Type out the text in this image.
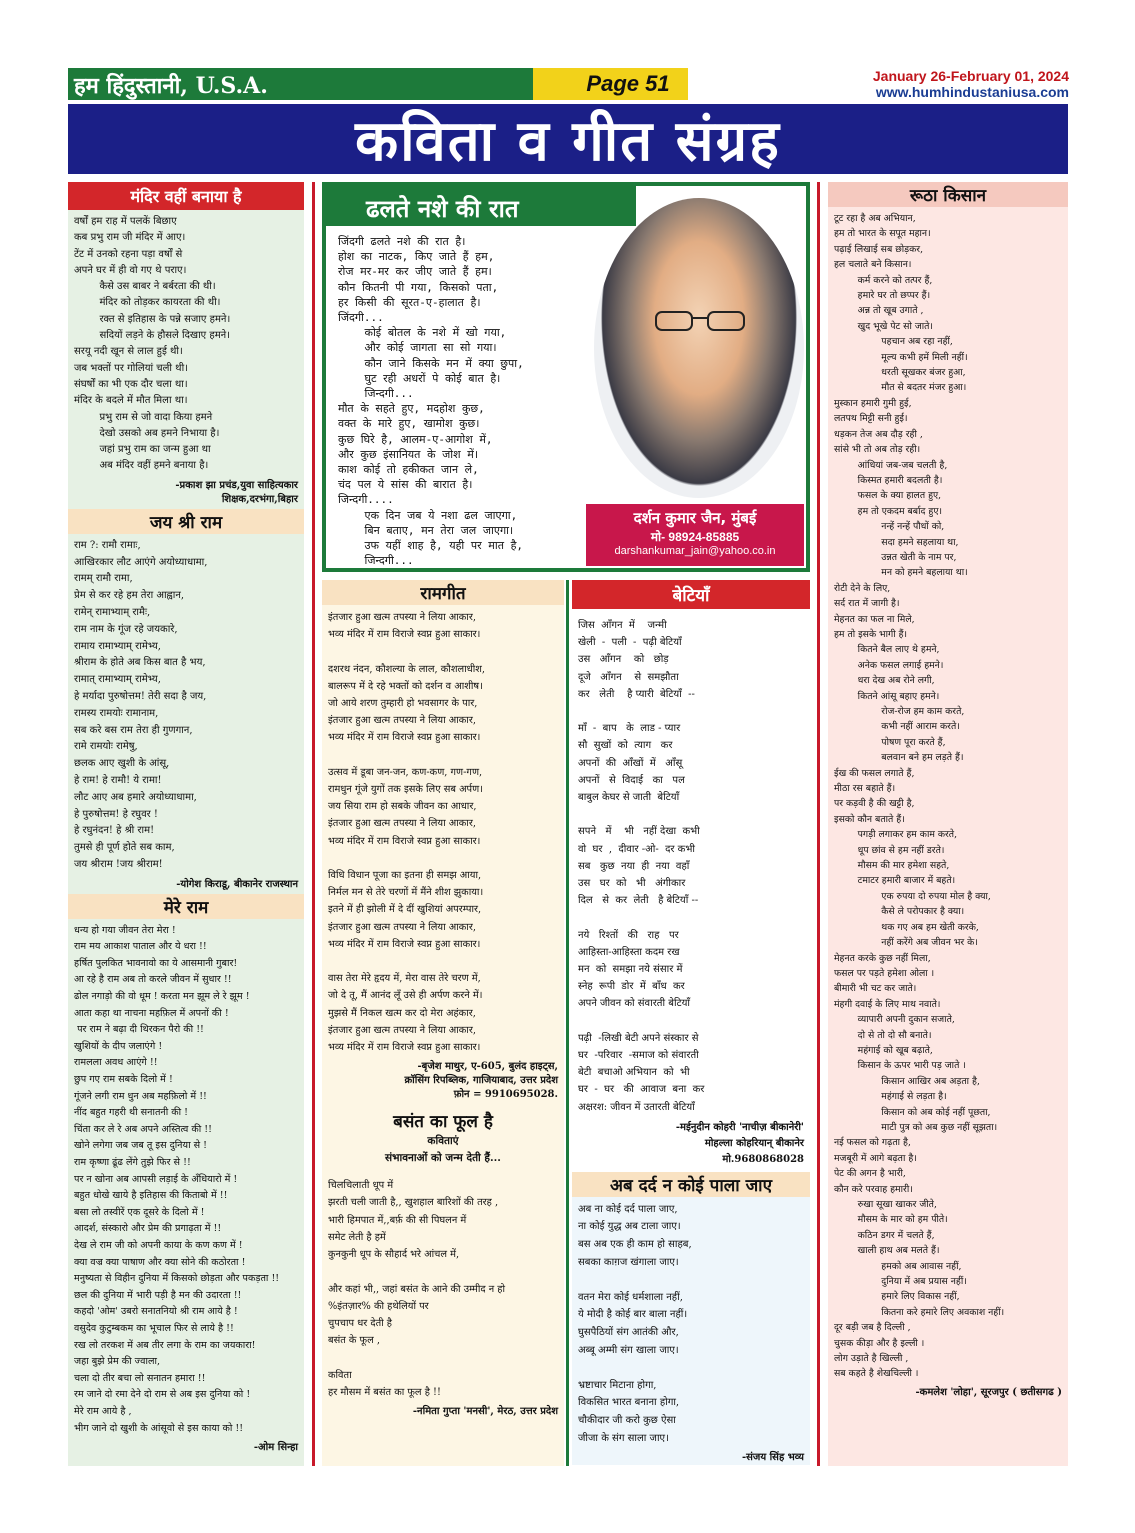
हम हिंदुस्तानी, U.S.A.	Page 51	January 26-February 01, 2024
www.humhindustaniusa.com
कविता व गीत संग्रह
मंदिर वहीं बनाया है
वर्षों हम राह में पलकें बिछाए
कब प्रभु राम जी मंदिर में आए।
टेंट में उनको रहना पड़ा वर्षों से
अपने घर में ही वो गए थे पराए।
कैसे उस बाबर ने बर्बरता की थी।
मंदिर को तोड़कर कायरता की थी।
रक्त से इतिहास के पन्ने सजाए हमने।
सदियों लड़ने के हौसले दिखाए हमने।
सरयू नदी खून से लाल हुई थी।
जब भक्तों पर गोलियां चली थी।
संघर्षों का भी एक दौर चला था।
मंदिर के बदले में मौत मिला था।
प्रभु राम से जो वादा किया हमने
देखो उसको अब हमने निभाया है।
जहां प्रभु राम का जन्म हुआ था
अब मंदिर वहीं हमने बनाया है।
-प्रकाश झा प्रचंड,युवा साहित्यकार
शिक्षक,दरभंगा,बिहार
जय श्री राम
राम ?: रामौ रामाः,
आखिरकार लौट आएंगे अयोध्याधामा,
रामम् रामौ रामा,
प्रेम से कर रहे हम तेरा आह्वान,
रामेन् रामाभ्याम् रामैः,
राम नाम के गूंज रहे जयकारे,
रामाय रामाभ्याम् रामेभ्य,
श्रीराम के होते अब किस बात है भय,
रामात् रामाभ्याम् रामेभ्य,
हे मर्यादा पुरुषोत्तम! तेरी सदा है जय,
रामस्य रामयोः रामानाम,
सब करे बस राम तेरा ही गुणगान,
रामे रामयोः रामेषु,
छलक आए खुशी के आंसू,
हे राम! हे रामौ! ये रामा!
लौट आए अब हमारे अयोध्याधामा,
हे पुरुषोत्तम! हे रघुवर !
हे रघुनंदन! हे श्री राम!
तुमसे ही पूर्ण होते सब काम,
जय श्रीराम !जय श्रीराम!
-योगेश किराडू, बीकानेर राजस्थान
मेरे राम
धन्य हो गया जीवन तेरा मेरा !
राम मय आकाश पाताल और ये धरा !!
हर्षित पुलकित भावनावो का ये आसमानी गुबार!
आ रहे है राम अब तो करले जीवन में सुधार !!
ढोल नगाड़ो की वो धूम ! करता मन झूम ले रे झूम !
आता कहा था नाचना महफ़िल में अपनों की !
पर राम ने बढ़ा दी थिरकन पैरो की !!
खुशियों के दीप जलाएंगे !
रामलला अवध आएंगे !!
छुप गए राम सबके दिलो में !
गूंजने लगी राम धुन अब महफ़िलो में !!
नींद बहुत गहरी थी सनातनी की !
चिंता कर ले रे अब अपने अस्तित्व की !!
खोने लगेगा जब जब तू इस दुनिया से !
राम कृष्णा ढूंढ लेंगे तुझे फिर से !!
पर न खोना अब आपसी लड़ाई के अँधियारो में !
बहुत धोखे खाये है इतिहास की किताबो में !!
बसा लो तस्वीरें एक दूसरे के दिलो में !
आदर्श, संस्कारो और प्रेम की प्रगाढ़ता में !!
देख ले राम जी को अपनी काया के कण कण में !
क्या वज्र क्या पाषाण और क्या सोने की कठोरता !
मनुष्यता से विहीन दुनिया में किसको छोड़ता और पकड़ता !!
छल की दुनिया में भारी पड़ी है मन की उदारता !!
कहदो 'ओम' उबरो सनातनियो श्री राम आये है !
वसुदेव कुटुम्बकम का भूचाल फिर से लाये है !!
रख लो तरकश में अब तीर लगा के राम का जयकारा!
जहा बुझे प्रेम की ज्वाला,
चला दो तीर बचा लो सनातन हमारा !!
रम जाने दो रमा देने दो राम से अब इस दुनिया को !
मेरे राम आये है ,
भीग जाने दो खुशी के आंसूवो से इस काया को !!
-ओम सिन्हा
ढलते नशे की रात
जिंदगी ढलते नशे की रात है।
होश का नाटक, किए जाते हैं हम,
रोज मर-मर कर जीए जाते हैं हम।
कौन कितनी पी गया, किसको पता,
हर किसी की सूरत-ए-हालात है।
जिंदगी...
कोई बोतल के नशे में खो गया,
और कोई जागता सा सो गया।
कौन जाने किसके मन में क्या छुपा,
घुट रही अधरों पे कोई बात है।
जिन्दगी...
मौत के सहते हुए, मदहोश कुछ,
वक्त के मारे हुए, खामोश कुछ।
कुछ घिरे है, आलम-ए-आगोश में,
और कुछ इंसानियत के जोश में।
काश कोई तो हकीकत जान ले,
चंद पल ये सांस की बारात है।
जिन्दगी....
एक दिन जब ये नशा ढल जाएगा,
बिन बताए, मन तेरा जल जाएगा।
उफ यहीं शाह है, यही पर मात है,
जिन्दगी...
दर्शन कुमार जैन, मुंबई
मो- 98924-85885
darshankumar_jain@yahoo.co.in
रामगीत
इंतजार हुआ खत्म तपस्या ने लिया आकार,
भव्य मंदिर में राम विराजे स्वप्न हुआ साकार।

दशरथ नंदन, कौशल्या के लाल, कौशलाधीश,
बालरूप में दे रहे भक्तों को दर्शन व आशीष।
जो आये शरण तुम्हारी हो भवसागर के पार,
इंतजार हुआ खत्म तपस्या ने लिया आकार,
भव्य मंदिर में राम विराजे स्वप्न हुआ साकार।

उत्सव में डूबा जन-जन, कण-कण, गण-गण,
रामधुन गूंजे युगों तक इसके लिए सब अर्पण।
जय सिया राम हो सबके जीवन का आधार,
इंतजार हुआ खत्म तपस्या ने लिया आकार,
भव्य मंदिर में राम विराजे स्वप्न हुआ साकार।

विधि विधान पूजा का इतना ही समझ आया,
निर्मल मन से तेरे चरणों में मैंने शीश झुकाया।
इतने में ही झोली में दे दीं खुशियां अपरम्पार,
इंतजार हुआ खत्म तपस्या ने लिया आकार,
भव्य मंदिर में राम विराजे स्वप्न हुआ साकार।

वास तेरा मेरे हृदय में, मेरा वास तेरे चरण में,
जो दे तू, मैं आनंद लूँ उसे ही अर्पण करने में।
मुझसे मैं निकल खत्म कर दो मेरा अहंकार,
इंतजार हुआ खत्म तपस्या ने लिया आकार,
भव्य मंदिर में राम विराजे स्वप्न हुआ साकार।
-बृजेश माथुर, ए-605, बुलंद हाइट्स,
क्रॉसिंग रिपब्लिक, गाजियाबाद, उत्तर प्रदेश
फ़ोन = 9910695028.
बसंत का फूल है
कविताएं
संभावनाओं को जन्म देती हैं...
चिलचिलाती धूप में
झरती चली जाती है,, खुशहाल बारिशों की तरह ,
भारी हिमपात में,,बर्फ़ की सी पिघलन में
समेट लेती है हमें
कुनकुनी धूप के सौहार्द भरे आंचल में,

और कहां भी,, जहां बसंत के आने की उम्मीद न हो
%इंतज़ार% की हथेलियों पर
चुपचाप धर देती है
बसंत के फूल ,

कविता
हर मौसम में बसंत का फूल है !!
-नमिता गुप्ता 'मनसी', मेरठ, उत्तर प्रदेश
बेटियाँ
जिस  आँगन  में    जन्मी
खेली  -  पली  -  पढ़ी बेटियाँ
उस   आँगन    को   छोड़
दूजे   आँगन    से  समझौता
कर   लेती    है प्यारी  बेटियाँ  --

माँ  -  बाप   के  लाड - प्यार
सौ  सुखों  को  त्याग   कर
अपनों  की  आँखों  में   आँसू
अपनों   से  विदाई   का   पल
बाबुल केघर से जाती  बेटियाँ

सपने   में    भी   नहीं देखा  कभी
वो  घर  ,  दीवार -ओ-  दर कभी
सब   कुछ  नया  ही  नया  वहाँ
उस   घर  को   भी   अंगीकार
दिल   से  कर  लेती   है बेटियाँ --

नये   रिश्तों   की   राह   पर
आहिस्ता-आहिस्ता कदम रख
मन  को  समझा नये संसार में
स्नेह  रूपी  डोर  में  बाँध  कर
अपने जीवन को संवारती बेटियाँ

पढ़ी  -लिखी बेटी अपने संस्कार से
घर  -परिवार  -समाज को संवारती
बेटी  बचाओ अभियान  को  भी
घर  -  घर   की  आवाज  बना  कर
अक्षरश: जीवन में उतारती बेटियाँ
-मईनुदीन कोहरी 'नाचीज़ बीकानेरी'
मोहल्ला कोहरियान् बीकानेर
मो.9680868028
अब दर्द न कोई पाला जाए
अब ना कोई दर्द पाला जाए,
ना कोई युद्ध अब टाला जाए।
बस अब एक ही काम हो साहब,
सबका काग़ज खंगाला जाए।

वतन मेरा कोई धर्मशाला नहीं,
ये मोदी है कोई बार बाला नहीं।
घुसपैठियों संग आतंकी और,
अब्बू अम्मी संग खाला जाए।

भ्रष्टाचार मिटाना होगा,
विकसित भारत बनाना होगा,
चौकीदार जी करो कुछ ऐसा
जीजा के संग साला जाए।
-संजय सिंह भव्य
रूठा किसान
टूट रहा है अब अभियान,
हम तो भारत के सपूत महान।
पढ़ाई लिखाई सब छोड़कर,
हल चलाते बने किसान।
कर्म करने को तत्पर हैं,
हमारे घर तो छप्पर हैं।
अन्न तो खूब उगाते ,
खुद भूखे पेट सो जाते।
पहचान अब रहा नहीं,
मूल्य कभी हमें मिली नहीं।
धरती सूखकर बंजर हुआ,
मौत से बदतर मंजर हुआ।
मुस्कान हमारी गुमी हुई,
लतपथ मिट्टी सनी हुई।
धड़कन तेज अब दौड़ रही ,
सांसे भी तो अब तोड़ रही।
आंधियां जब-जब चलती है,
किस्मत हमारी बदलती है।
फसल के क्या हालत हुए,
हम तो एकदम बर्बाद हुए।
नन्हें नन्हें पौधों को,
सदा हमने सहलाया था,
उन्नत खेती के नाम पर,
मन को हमने बहलाया था।
रोटी देने के लिए,
सर्द रात में जागी है।
मेहनत का फल ना मिले,
हम तो इसके भागी हैं।
कितने बैल लाए थे हमने,
अनेक फसल लगाई हमने।
धरा देख अब रोने लगी,
कितने आंसू बहाए हमने।
रोज-रोज हम काम करते,
कभी नहीं आराम करते।
पोषण पूरा करते हैं,
बलवान बने हम लड़ते हैं।
ईख की फसल लगाते हैं,
मीठा रस बहाते हैं।
पर कड़वी है की खट्टी है,
इसको कौन बताते हैं।
पगड़ी लगाकर हम काम करते,
धूप छांव से हम नहीं डरते।
मौसम की मार हमेशा सहते,
टमाटर हमारी बाजार में बहते।
एक रुपया दो रुपया मोल है क्या,
कैसे ले परोपकार है क्या।
थक गए अब हम खेती करके,
नहीं करेंगे अब जीवन भर के।
मेहनत करके कुछ नहीं मिला,
फसल पर पड़ते हमेशा ओला ।
बीमारी भी चट कर जाते।
मंहगी दवाई के लिए माथ नवाते।
व्यापारी अपनी दुकान सजाते,
दो से तो दो सौ बनाते।
महंगाई को खूब बढ़ाते,
किसान के ऊपर भारी पड़ जाते ।
किसान आखिर अब अड़ता है,
महंगाई से लड़ता है।
किसान को अब कोई नहीं पूछता,
माटी पुत्र को अब कुछ नहीं सूझता।
नई फसल को गढ़ता है,
मजबूरी में आगे बढ़ता है।
पेट की अगन है भारी,
कौन करे परवाह हमारी।
रुखा सूखा खाकर जीते,
मौसम के मार को हम पीते।
कठिन डगर में चलते हैं,
खाली हाथ अब मलते हैं।
हमको अब आवास नहीं,
दुनिया में अब प्रयास नहीं।
हमारे लिए विकास नहीं,
कितना करे हमारे लिए अवकाश नहीं।
दूर बड़ी जब है दिल्ली ,
चुसक कीड़ा और है इल्ली ।
लोग उड़ाते है खिल्ली ,
सब कहते है शेखचिल्ली ।
-कमलेश 'लोहा', सूरजपुर ( छतीसगढ )
